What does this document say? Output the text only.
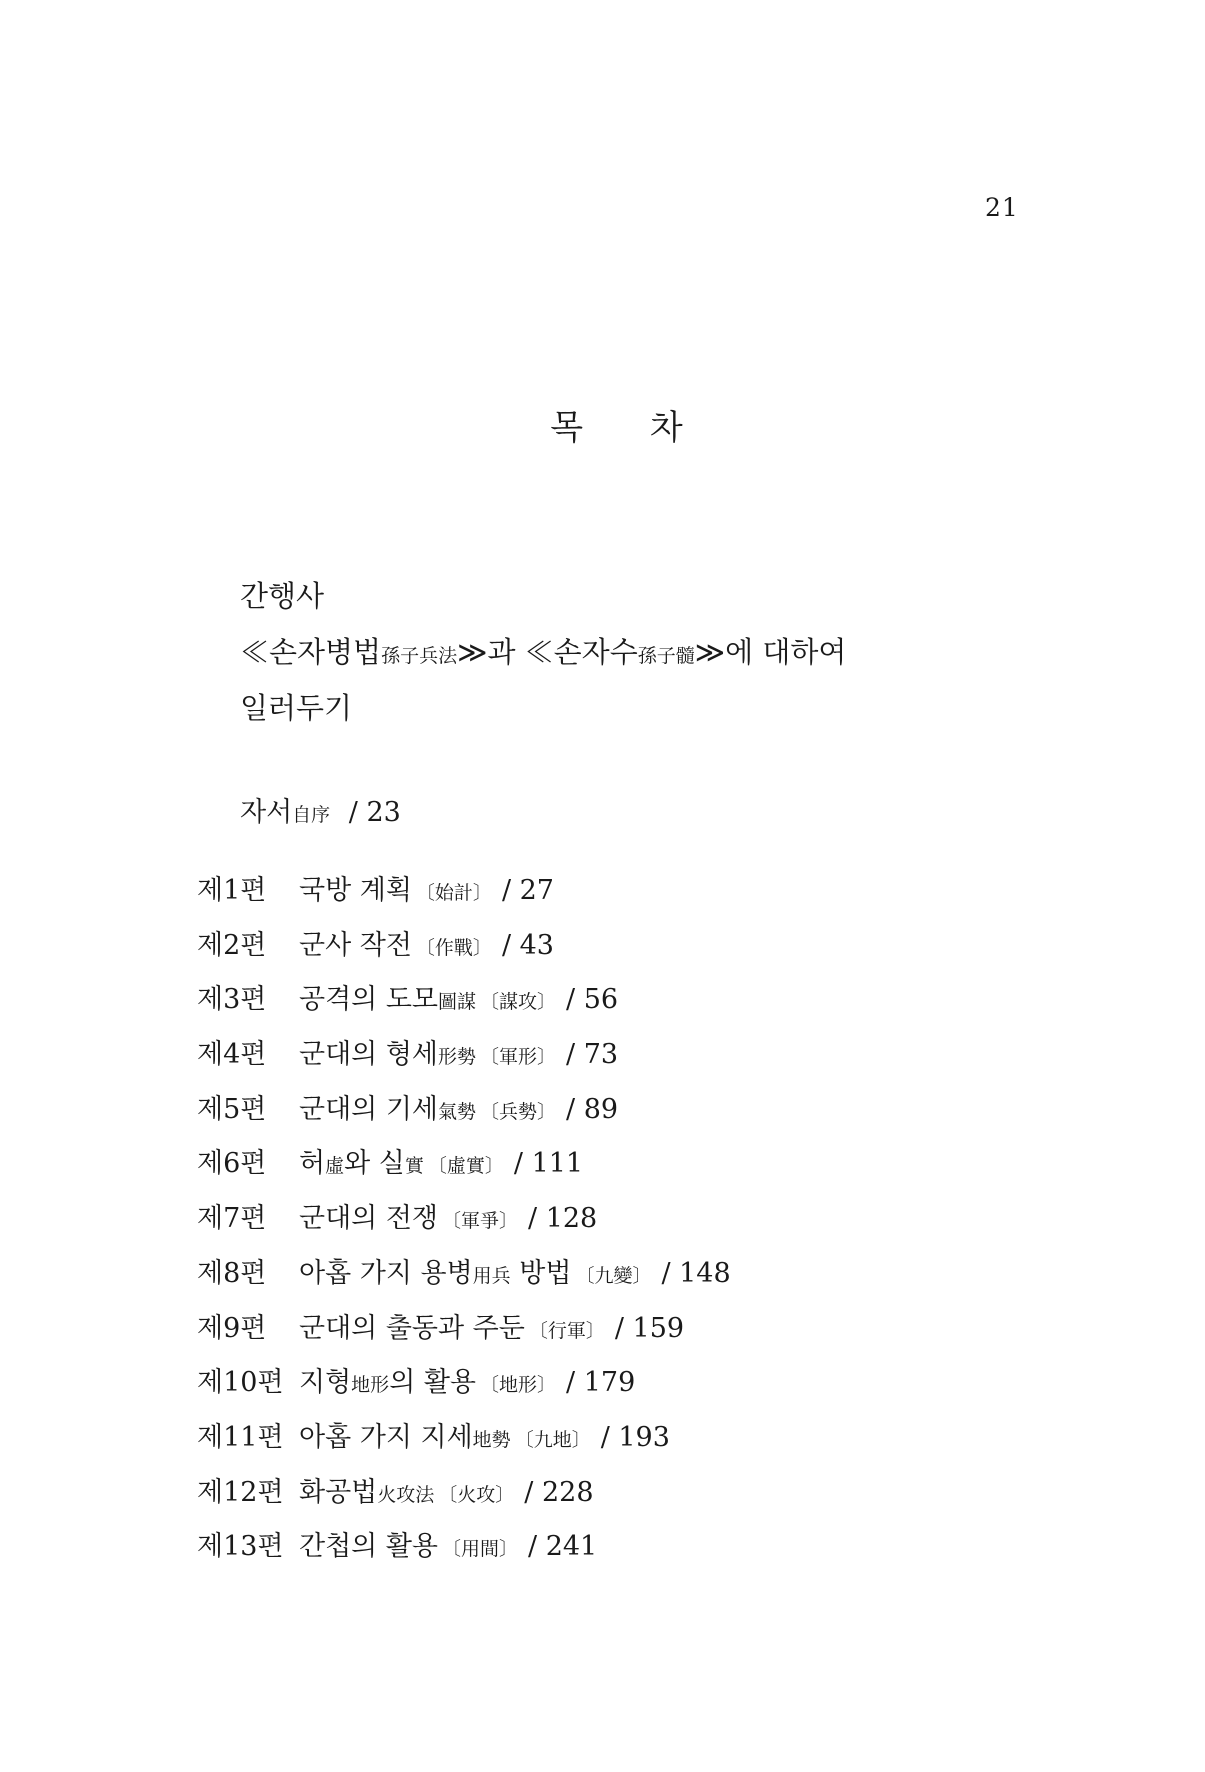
21
목 차
간행사
≪손자병법孫子兵法≫과 ≪손자수孫子髓≫에 대하여
일러두기
자서自序 / 23
제1편	국방 계획 〔始計〕 / 27
제2편	군사 작전 〔作戰〕 / 43
제3편	공격의 도모圖謀 〔謀攻〕 / 56
제4편	군대의 형세形勢 〔軍形〕 / 73
제5편	군대의 기세氣勢 〔兵勢〕 / 89
제6편	허虛와 실實 〔虛實〕 / 111
제7편	군대의 전쟁 〔軍爭〕 / 128
제8편	아홉 가지 용병用兵 방법 〔九變〕 / 148
제9편	군대의 출동과 주둔 〔行軍〕 / 159
제10편 지형地形의 활용 〔地形〕 / 179
제11편 아홉 가지 지세地勢 〔九地〕 / 193
제12편 화공법火攻法 〔火攻〕 / 228
제13편 간첩의 활용 〔用間〕 / 241
